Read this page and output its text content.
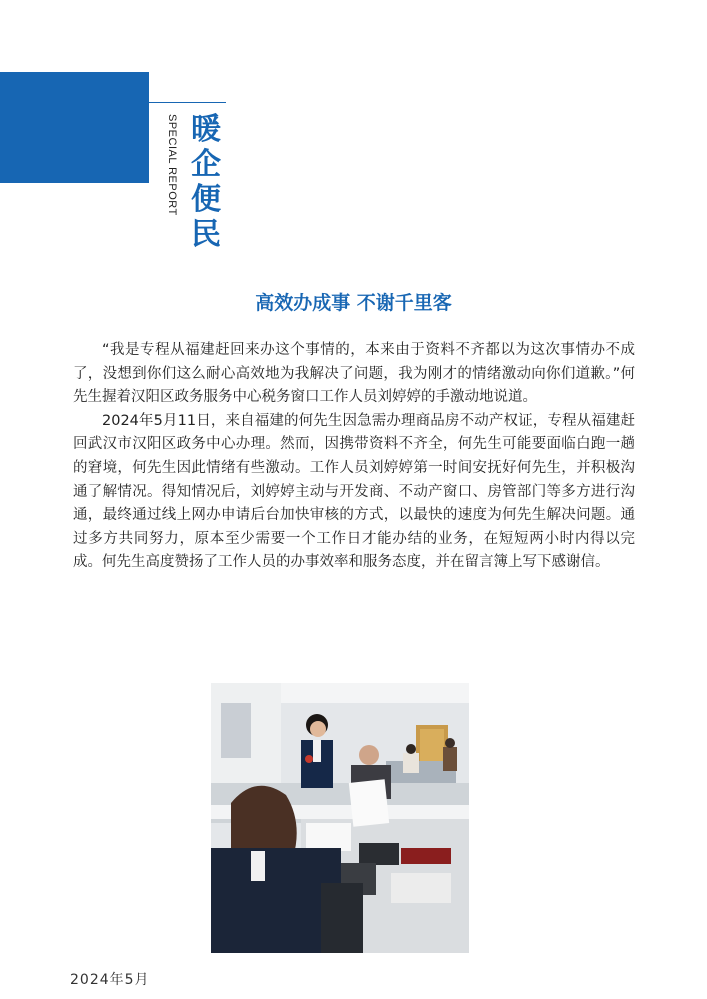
SPECIAL REPORT 暖
企
便
民
高效办成事 不谢千里客

“我是专程从福建赶回来办这个事情的，本来由于资料不齐都以为这次事情办不成了，没想到你们这么耐心高效地为我解决了问题，我为刚才的情绪激动向你们道歉。”何先生握着汉阳区政务服务中心税务窗口工作人员刘婷婷的手激动地说道。

2024年5月11日，来自福建的何先生因急需办理商品房不动产权证，专程从福建赶回武汉市汉阳区政务中心办理。然而，因携带资料不齐全，何先生可能要面临白跑一趟的窘境，何先生因此情绪有些激动。工作人员刘婷婷第一时间安抚好何先生，并积极沟通了解情况。得知情况后，刘婷婷主动与开发商、不动产窗口、房管部门等多方进行沟通，最终通过线上网办申请后台加快审核的方式，以最快的速度为何先生解决问题。通过多方共同努力，原本至少需要一个工作日才能办结的业务，在短短两小时内得以完成。何先生高度赞扬了工作人员的办事效率和服务态度，并在留言簿上写下感谢信。

2024年5月
